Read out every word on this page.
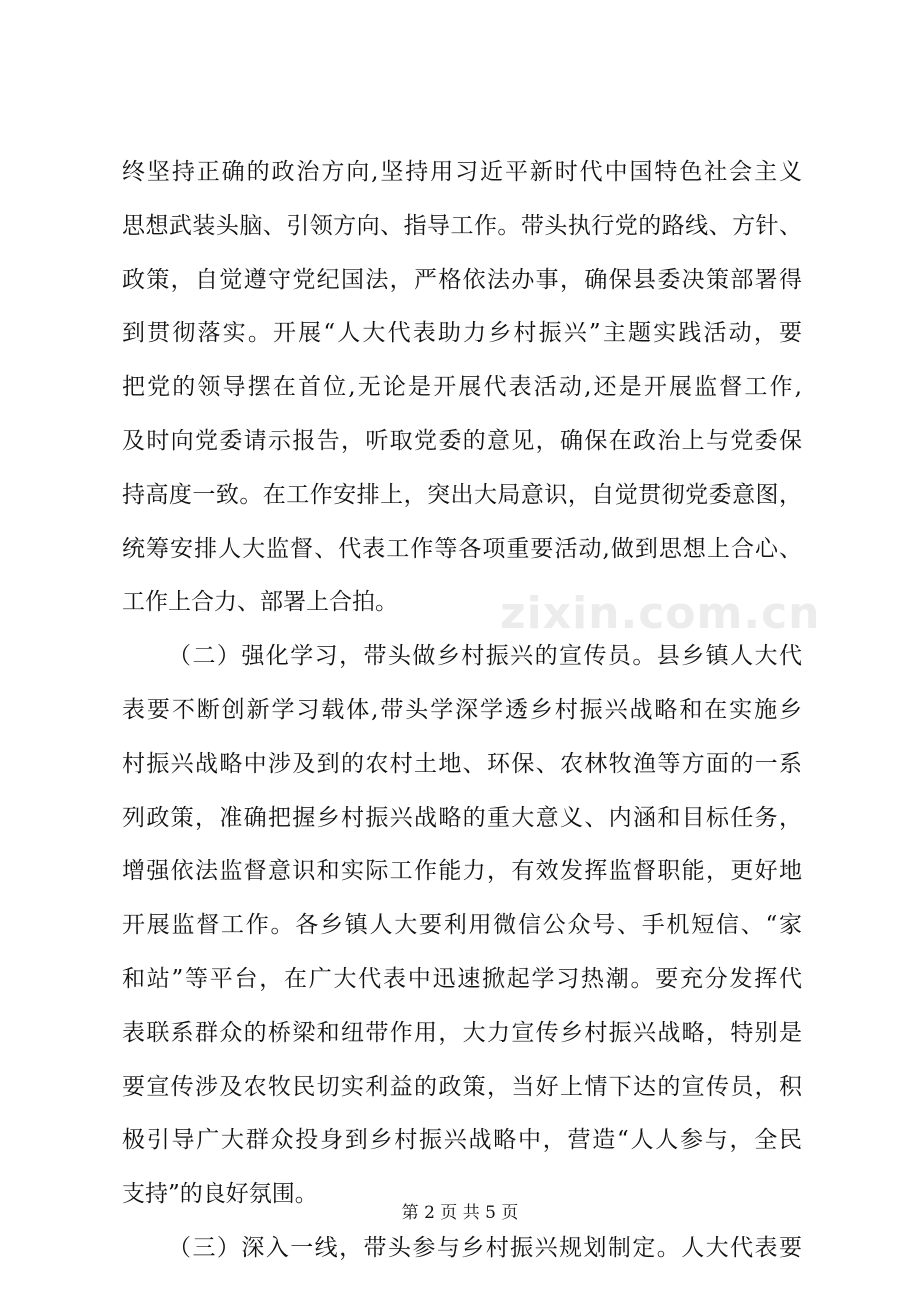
zixin.com.cn
终坚持正确的政治方向,坚持用习近平新时代中国特色社会主义
思想武装头脑、引领方向、指导工作。带头执行党的路线、方针、
政策，自觉遵守党纪国法，严格依法办事，确保县委决策部署得
到贯彻落实。开展“人大代表助力乡村振兴”主题实践活动，要
把党的领导摆在首位,无论是开展代表活动,还是开展监督工作,
及时向党委请示报告，听取党委的意见，确保在政治上与党委保
持高度一致。在工作安排上，突出大局意识，自觉贯彻党委意图，
统筹安排人大监督、代表工作等各项重要活动,做到思想上合心、
工作上合力、部署上合拍。
（二）强化学习，带头做乡村振兴的宣传员。县乡镇人大代
表要不断创新学习载体,带头学深学透乡村振兴战略和在实施乡
村振兴战略中涉及到的农村土地、环保、农林牧渔等方面的一系
列政策，准确把握乡村振兴战略的重大意义、内涵和目标任务，
增强依法监督意识和实际工作能力，有效发挥监督职能，更好地
开展监督工作。各乡镇人大要利用微信公众号、手机短信、“家
和站”等平台，在广大代表中迅速掀起学习热潮。要充分发挥代
表联系群众的桥梁和纽带作用，大力宣传乡村振兴战略，特别是
要宣传涉及农牧民切实利益的政策，当好上情下达的宣传员，积
极引导广大群众投身到乡村振兴战略中，营造“人人参与，全民
支持”的良好氛围。
（三）深入一线，带头参与乡村振兴规划制定。人大代表要
第 2 页 共 5 页
